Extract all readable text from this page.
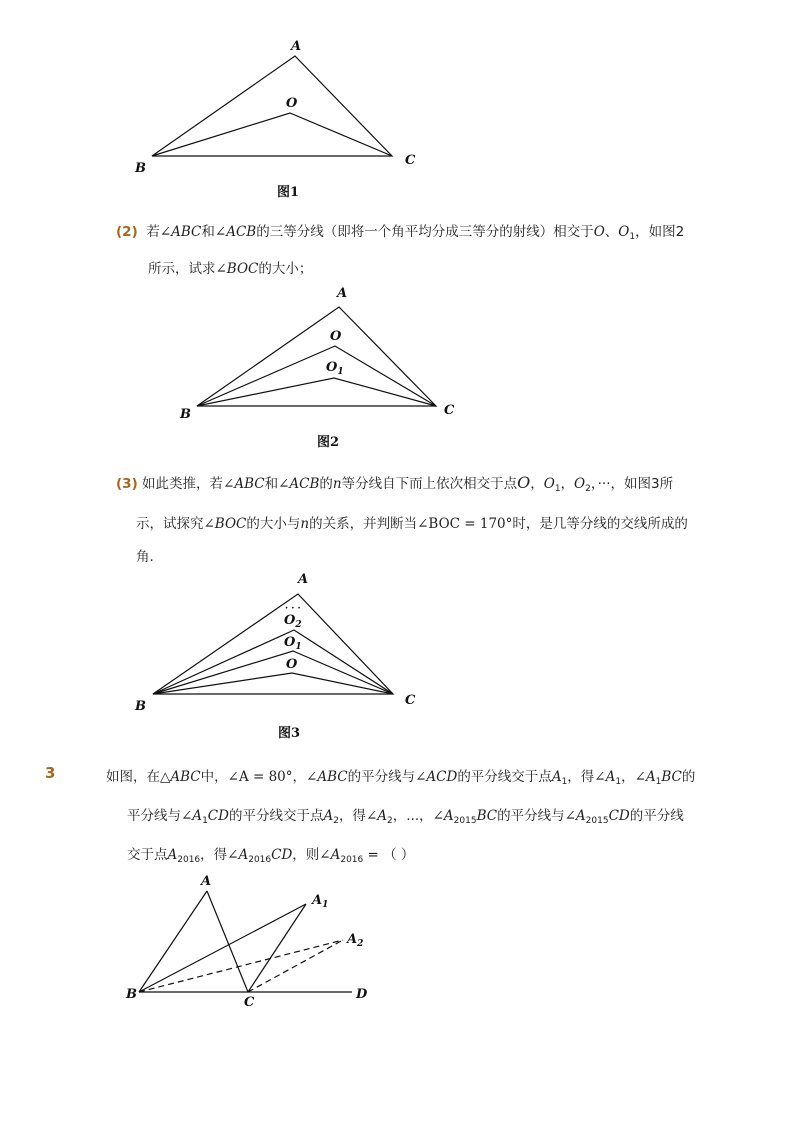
A
O
B
C
图1
(2) 若∠ABC和∠ACB的三等分线（即将一个角平均分成三等分的射线）相交于O、$O_1$，如图2
所示，试求∠BOC的大小；
A
O
$O_1$
B	C
图2
(3) 如此类推，若∠ABC和∠ACB的n等分线自下而上依次相交于点O，$O_1$，$O_2$，···，如图3所
示，试探究∠BOC的大小与n的关系，并判断当∠BOC = 170°时，是几等分线的交线所成的
角．
A
· · ·
$O_2$
$O_1$
O
B	C
图3
3	如图，在△ABC中，∠A = 80°，∠ABC的平分线与∠ACD的平分线交于点$A_1$，得$\angle A_1$，$\angle A_1BC$的
平分线与$\angle A_1CD$的平分线交于点$A_2$，得$\angle A_2$，...，$\angle A_{2015}BC$的平分线与$\angle A_{2015}CD$的平分线
交于点$A_{2016}$，得$\angle A_{2016}CD$，则$\angle A_{2016}$ = （ ）
A
$A_1$
$A_2$
B
C
D
